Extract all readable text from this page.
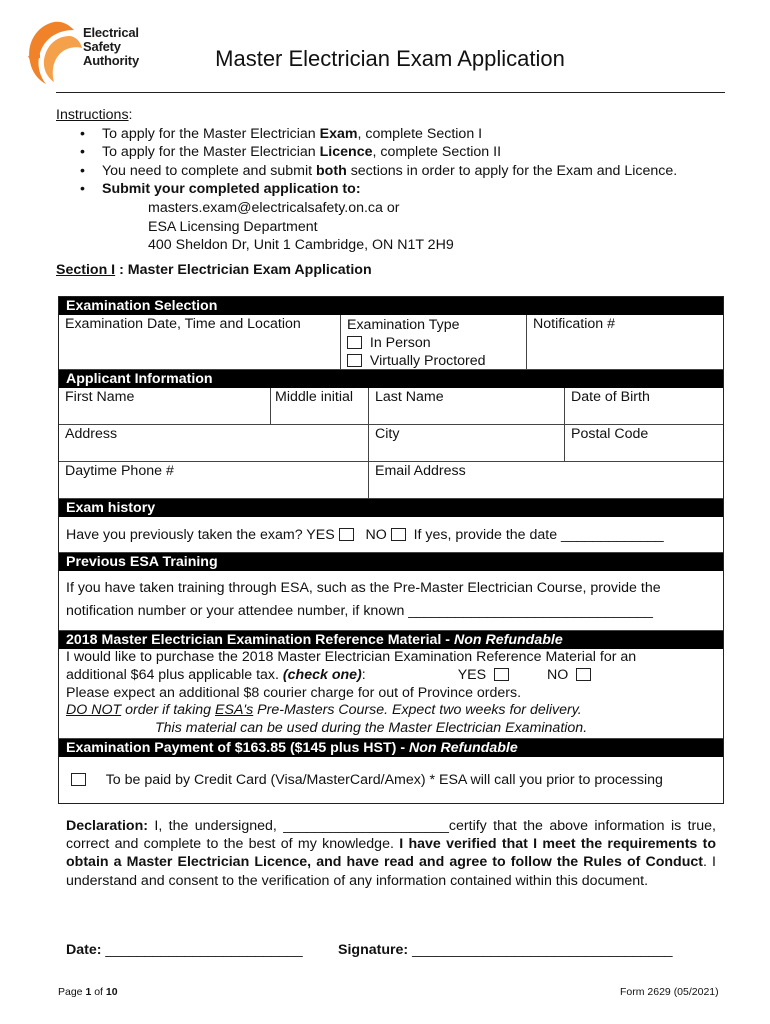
Electrical
Safety
Authority	Master Electrician Exam Application
Instructions:
• To apply for the Master Electrician Exam, complete Section I
• To apply for the Master Electrician Licence, complete Section II
• You need to complete and submit both sections in order to apply for the Exam and Licence.
• Submit your completed application to:
masters.exam@electricalsafety.on.ca or
ESA Licensing Department
400 Sheldon Dr, Unit 1 Cambridge, ON N1T 2H9
Section I : Master Electrician Exam Application
Examination Selection
Examination Date, Time and Location	Examination Type
In Person
Virtually Proctored
Notification #
Applicant Information
First Name	Middle initial	Last Name	Date of Birth
Address	City	Postal Code
Daytime Phone #	Email Address
Exam history
Have you previously taken the exam? YES NO If yes, provide the date _____________
Previous ESA Training
If you have taken training through ESA, such as the Pre-Master Electrician Course, provide the
notification number or your attendee number, if known _______________________________
2018 Master Electrician Examination Reference Material - Non Refundable
I would like to purchase the 2018 Master Electrician Examination Reference Material for an
additional $64 plus applicable tax. (check one):	YES	NO
Please expect an additional $8 courier charge for out of Province orders.
DO NOT order if taking ESA's Pre-Masters Course. Expect two weeks for delivery.
This material can be used during the Master Electrician Examination.
Examination Payment of $163.85 ($145 plus HST) - Non Refundable
To be paid by Credit Card (Visa/MasterCard/Amex) * ESA will call you prior to processing
Declaration: I, the undersigned, _____________________certify that the above information is true, correct and complete to the best of my knowledge. I have verified that I meet the requirements to obtain a Master Electrician Licence, and have read and agree to follow the Rules of Conduct. I understand and consent to the verification of any information contained within this document.
Date: _________________________ Signature: _________________________________
Page 1 of 10	Form 2629 (05/2021)
